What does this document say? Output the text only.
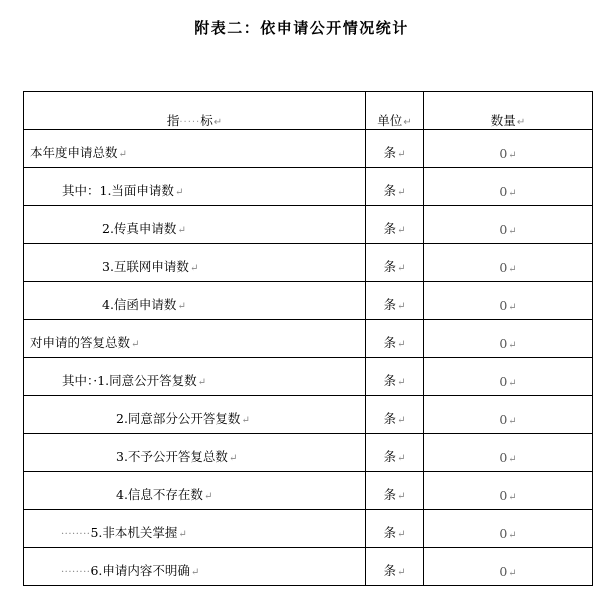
附表二：依申请公开情况统计
指·····标↵	单位↵	数量↵

本年度申请总数↵	条↵	0↵

其中：1.当面申请数↵	条↵	0↵

2.传真申请数↵	条↵	0↵

3.互联网申请数↵	条↵	0↵

4.信函申请数↵	条↵	0↵

对申请的答复总数↵	条↵	0↵

其中：·1.同意公开答复数↵	条↵	0↵

2.同意部分公开答复数↵	条↵	0↵

3.不予公开答复总数↵	条↵	0↵

4.信息不存在数↵	条↵	0↵

········5.非本机关掌握↵	条↵	0↵

········6.申请内容不明确↵	条↵	0↵
